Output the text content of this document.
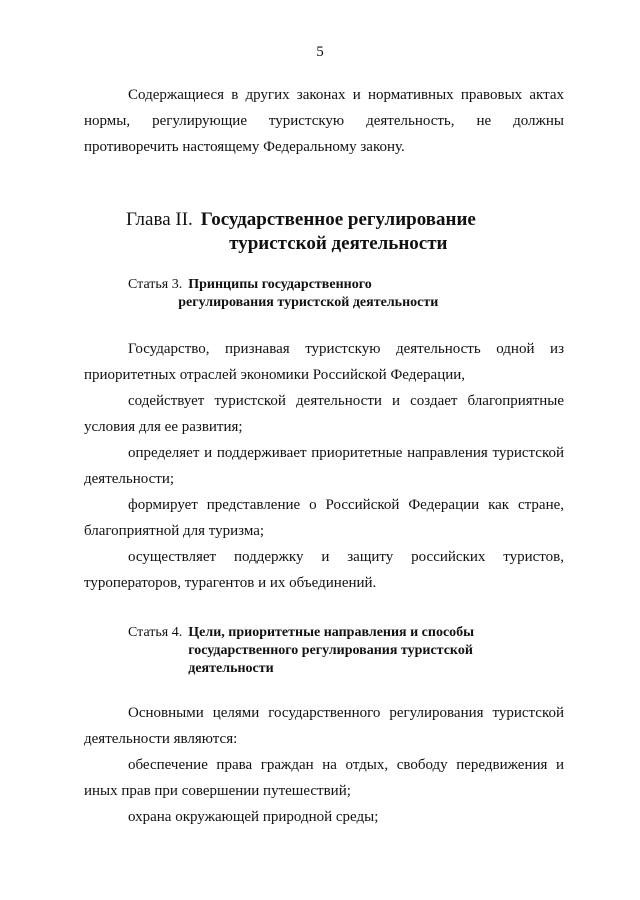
5

Содержащиеся в других законах и нормативных правовых актах нормы, регулирующие туристскую деятельность, не должны противоречить настоящему Федеральному закону.

Глава II. Государственное регулирование
туристской деятельности
Статья 3. Принципы государственного
регулирования туристской деятельности

Государство, признавая туристскую деятельность одной из приоритетных отраслей экономики Российской Федерации,

содействует туристской деятельности и создает благоприятные условия для ее развития;

определяет и поддерживает приоритетные направления туристской деятельности;

формирует представление о Российской Федерации как стране, благоприятной для туризма;

осуществляет поддержку и защиту российских туристов, туроператоров, турагентов и их объединений.

Статья 4. Цели, приоритетные направления и способы
государственного регулирования туристской
деятельности

Основными целями государственного регулирования туристской деятельности являются:

обеспечение права граждан на отдых, свободу передвижения и иных прав при совершении путешествий;

охрана окружающей природной среды;
